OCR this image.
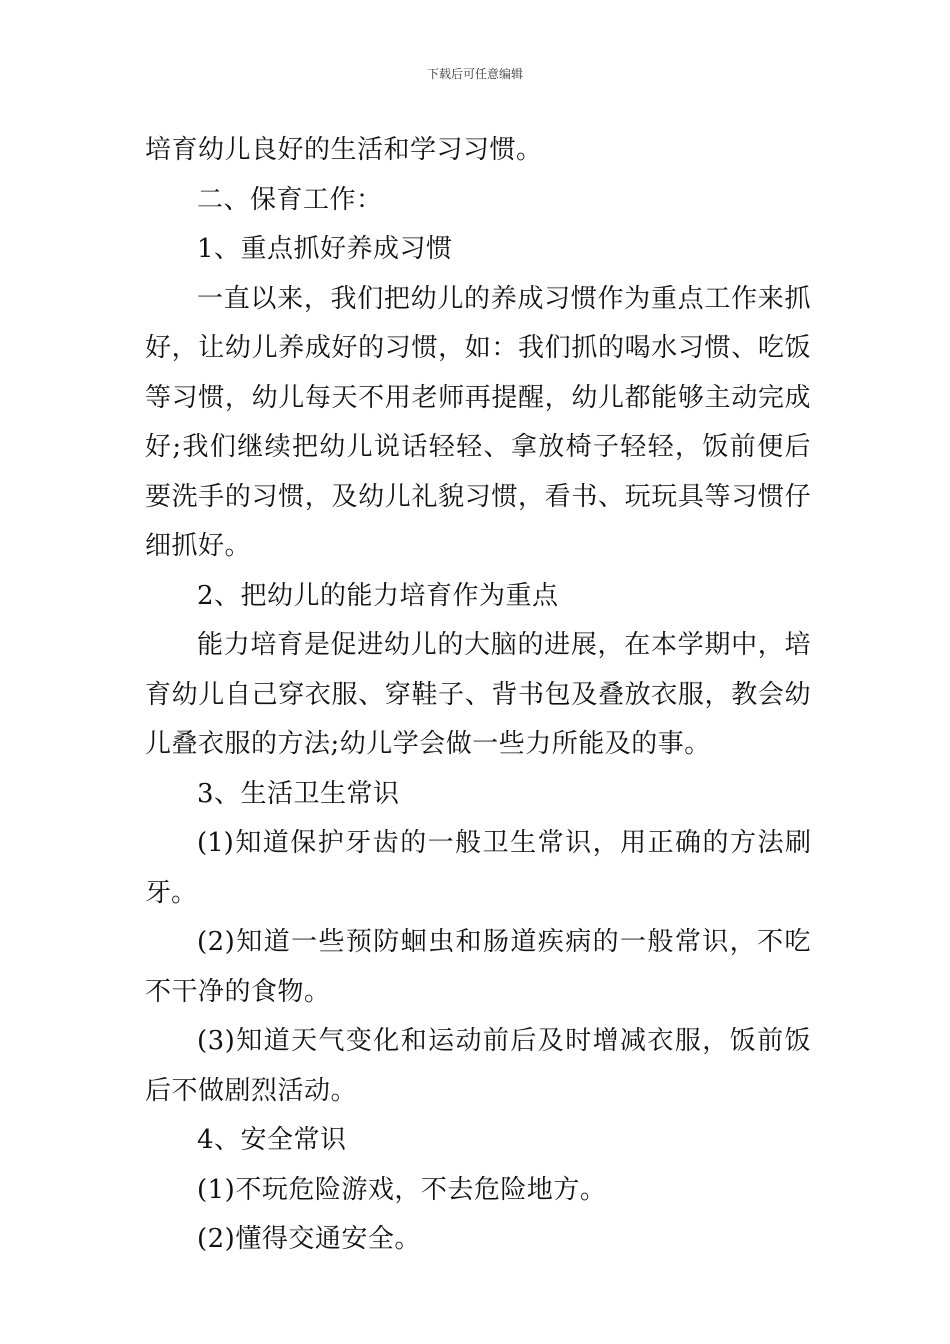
下载后可任意编辑

培育幼儿良好的生活和学习习惯。

二、保育工作：

1、重点抓好养成习惯

一直以来，我们把幼儿的养成习惯作为重点工作来抓好，让幼儿养成好的习惯，如：我们抓的喝水习惯、吃饭等习惯，幼儿每天不用老师再提醒，幼儿都能够主动完成好;我们继续把幼儿说话轻轻、拿放椅子轻轻，饭前便后要洗手的习惯，及幼儿礼貌习惯，看书、玩玩具等习惯仔细抓好。

2、把幼儿的能力培育作为重点

能力培育是促进幼儿的大脑的进展，在本学期中，培育幼儿自己穿衣服、穿鞋子、背书包及叠放衣服，教会幼儿叠衣服的方法;幼儿学会做一些力所能及的事。

3、生活卫生常识

(1)知道保护牙齿的一般卫生常识，用正确的方法刷牙。

(2)知道一些预防蛔虫和肠道疾病的一般常识，不吃不干净的食物。

(3)知道天气变化和运动前后及时增减衣服，饭前饭后不做剧烈活动。

4、安全常识

(1)不玩危险游戏，不去危险地方。

(2)懂得交通安全。
